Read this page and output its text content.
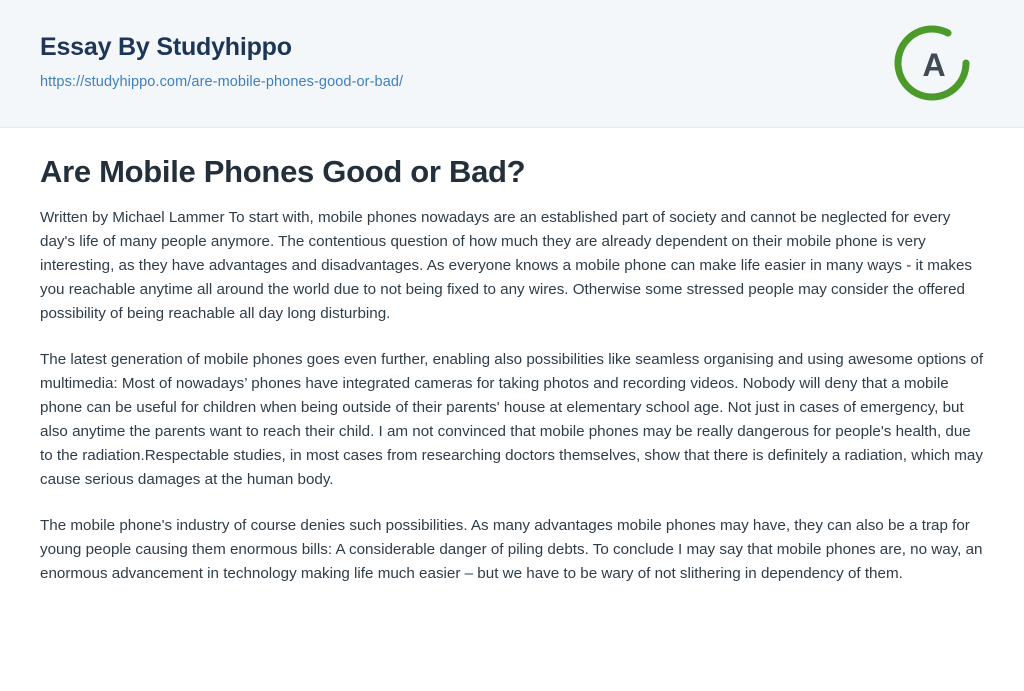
Essay By Studyhippo
https://studyhippo.com/are-mobile-phones-good-or-bad/	A
Are Mobile Phones Good or Bad?

Written by Michael Lammer To start with, mobile phones nowadays are an established part of society and cannot be neglected for every day's life of many people anymore. The contentious question of how much they are already dependent on their mobile phone is very interesting, as they have advantages and disadvantages. As everyone knows a mobile phone can make life easier in many ways - it makes you reachable anytime all around the world due to not being fixed to any wires. Otherwise some stressed people may consider the offered possibility of being reachable all day long disturbing.

The latest generation of mobile phones goes even further, enabling also possibilities like seamless organising and using awesome options of multimedia: Most of nowadays’ phones have integrated cameras for taking photos and recording videos. Nobody will deny that a mobile phone can be useful for children when being outside of their parents' house at elementary school age. Not just in cases of emergency, but also anytime the parents want to reach their child. I am not convinced that mobile phones may be really dangerous for people's health, due to the radiation.Respectable studies, in most cases from researching doctors themselves, show that there is definitely a radiation, which may cause serious damages at the human body.

The mobile phone's industry of course denies such possibilities. As many advantages mobile phones may have, they can also be a trap for young people causing them enormous bills: A considerable danger of piling debts. To conclude I may say that mobile phones are, no way, an enormous advancement in technology making life much easier – but we have to be wary of not slithering in dependency of them.
